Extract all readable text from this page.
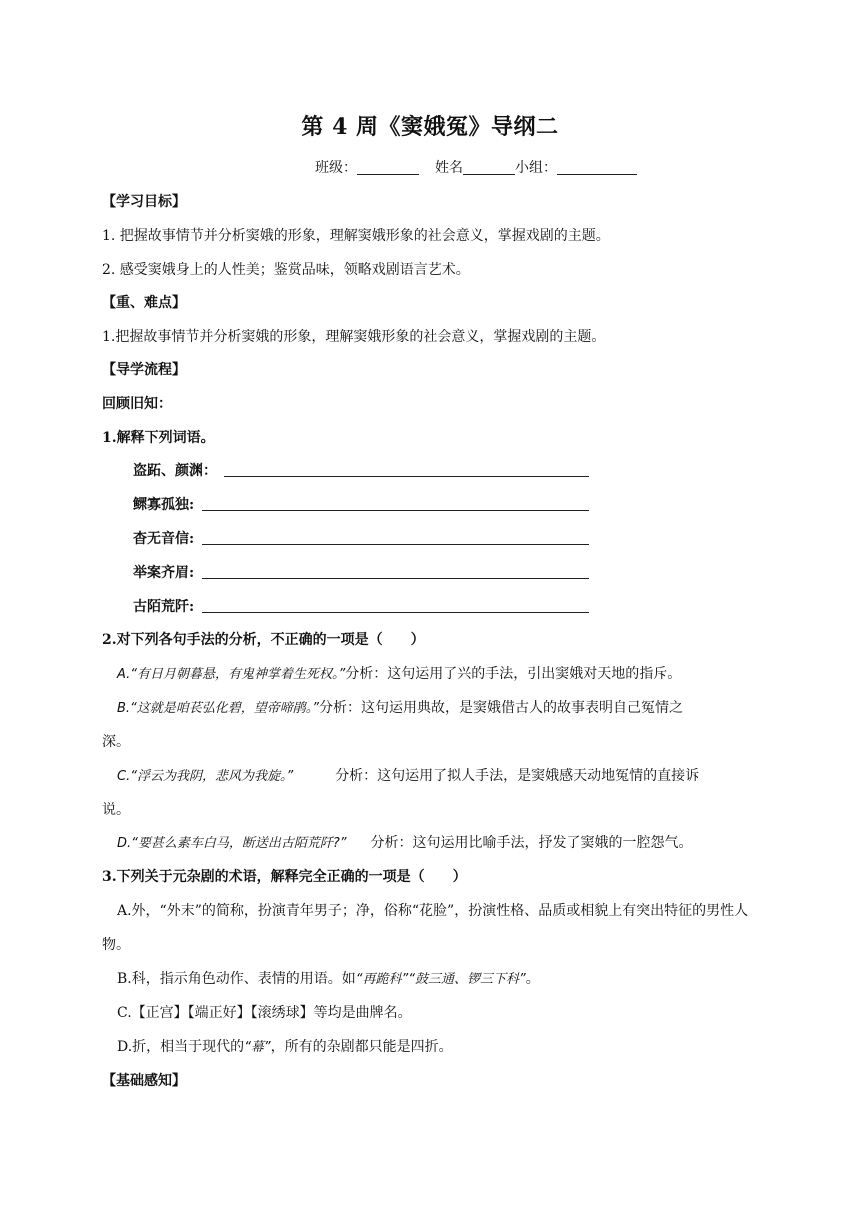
第 4 周《窦娥冤》导纲二
班级：	姓名	小组：
【学习目标】
1. 把握故事情节并分析窦娥的形象，理解窦娥形象的社会意义，掌握戏剧的主题。
2. 感受窦娥身上的人性美；鉴赏品味，领略戏剧语言艺术。
【重、难点】
1.把握故事情节并分析窦娥的形象，理解窦娥形象的社会意义，掌握戏剧的主题。
【导学流程】
回顾旧知：
1.解释下列词语。
盗跖、颜渊：
鳏寡孤独:
杳无音信:
举案齐眉:
古陌荒阡:
2.对下列各句手法的分析，不正确的一项是（　　）
A.“有日月朝暮悬，有鬼神掌着生死权。”分析：这句运用了兴的手法，引出窦娥对天地的指斥。
B.“这就是咱苌弘化碧，望帝啼鹃。”分析：这句运用典故，是窦娥借古人的故事表明自己冤情之
深。
C.“浮云为我阴，悲风为我旋。”	分析：这句运用了拟人手法，是窦娥感天动地冤情的直接诉
说。
D.“要甚么素车白马，断送出古陌荒阡?” 分析：这句运用比喻手法，抒发了窦娥的一腔怨气。
3.下列关于元杂剧的术语，解释完全正确的一项是（　　）
A.外，“外末”的简称，扮演青年男子；净，俗称“花脸”，扮演性格、品质或相貌上有突出特征的男性人
物。
B.科，指示角色动作、表情的用语。如“再跪科”“鼓三通、锣三下科”。
C.【正宫】【端正好】【滚绣球】等均是曲牌名。
D.折，相当于现代的“幕”，所有的杂剧都只能是四折。
【基础感知】
